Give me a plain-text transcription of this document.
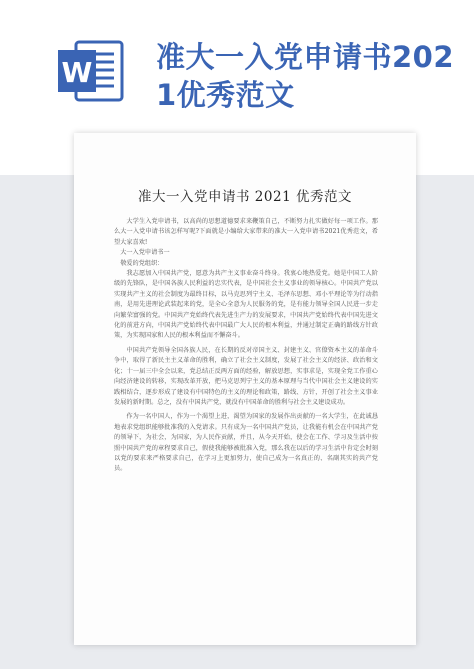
W 准大一入党申请书2021优秀范文
准大一入党申请书 2021 优秀范文

大学生入党申请书，以高尚的思想道德要求来鞭策自己，不断努力扎实做好每一项工作。那么大一入党申请书该怎样写呢?下面就是小编给大家带来的准大一入党申请书2021优秀范文，希望大家喜欢!

大一入党申请书一

敬爱的党组织：

我志愿加入中国共产党，愿意为共产主义事业奋斗终身。我衷心地热爱党。她是中国工人阶级的先锋队，是中国各族人民利益的忠实代表，是中国社会主义事业的领导核心。中国共产党以实现共产主义的社会制度为最终目标，以马克思列宁主义、毛泽东思想、邓小平理论等为行动指南，是用先进理论武装起来的党，是全心全意为人民服务的党，是有能力领导全国人民进一步走向繁荣富强的党。中国共产党始终代表先进生产力的发展要求，中国共产党始终代表中国先进文化的前进方向，中国共产党始终代表中国最广大人民的根本利益，并通过制定正确的路线方针政策，为实现国家和人民的根本利益而不懈奋斗。

中国共产党领导全国各族人民，在长期的反对帝国主义、封建主义、官僚资本主义的革命斗争中，取得了新民主主义革命的胜利，确立了社会主义制度，发展了社会主义的经济、政治和文化；十一届三中全会以来，党总结正反两方面的经验，解放思想，实事求是，实现全党工作重心向经济建设的转移，实现改革开放，把马克思列宁主义的基本原理与当代中国社会主义建设的实践相结合，逐步形成了建设有中国特色的主义的理论和政策，路线、方针，开创了社会主义事业发展的新时期。总之，没有中国共产党，就没有中国革命的胜利与社会主义建设成功。

作为一名中国人，作为一个渴望上进，渴望为国家的发展作出贡献的一名大学生，在此诚恳地表求党组织能够批准我的入党请求。只有成为一名中国共产党员，让我能有机会在中国共产党的领导下，为社会，为国家，为人民作贡献，并且，从今天开始，使会在工作、学习及生活中按照中国共产党的章程要求自己，假使我能够被批准入党，那么我在以后的学习生活中肯定会时刻以党的要求来严格要求自己，在学习上更加努力，使自己成为一名真正的、名副其实的共产党员。
